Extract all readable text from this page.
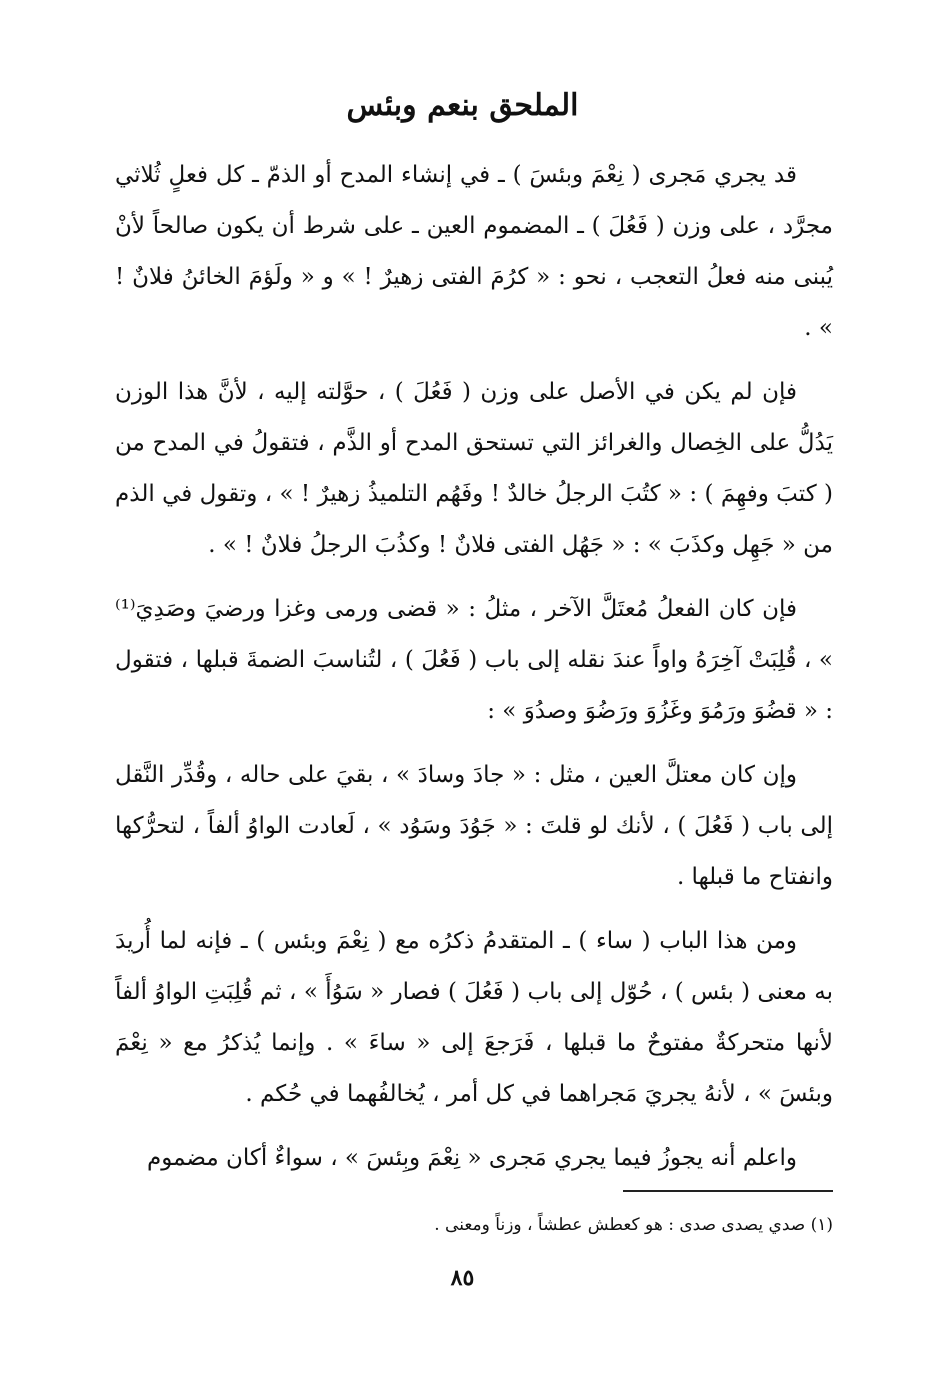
الملحق بنعم وبئس

قد يجري مَجرى ( نِعْمَ وبئسَ ) ـ في إنشاء المدح أو الذمّ ـ كل فعلٍ ثُلاثي مجرَّد ، على وزن ( فَعُلَ ) ـ المضموم العين ـ على شرط أن يكون صالحاً لأنْ يُبنى منه فعلُ التعجب ، نحو : « كرُمَ الفتى زهيرٌ ! » و « ولَؤمَ الخائنُ فلانٌ ! » .

فإن لم يكن في الأصل على وزن ( فَعُلَ ) ، حوَّلته إليه ، لأنَّ هذا الوزن يَدُلُّ على الخِصال والغرائز التي تستحق المدح أو الذَّم ، فتقولُ في المدح من ( كتبَ وفهِمَ ) : « كتُبَ الرجلُ خالدٌ ! وفَهُم التلميذُ زهيرٌ ! » ، وتقول في الذم من « جَهِل وكذَبَ » : « جَهُل الفتى فلانٌ ! وكذُبَ الرجلُ فلانٌ ! » .

فإن كان الفعلُ مُعتَلَّ الآخر ، مثلُ : « قضى ورمى وغزا ورضيَ وصَدِيَ⁽¹⁾ » ، قُلِبَتْ آخِرَهُ واواً عندَ نقله إلى باب ( فَعُلَ ) ، لتُناسبَ الضمةَ قبلها ، فتقول : « قضُوَ ورَمُوَ وغَزُوَ ورَضُوَ وصدُوَ » :

وإن كان معتلَّ العين ، مثل : « جادَ وسادَ » ، بقيَ على حاله ، وقُدِّر النَّقل إلى باب ( فَعُلَ ) ، لأنك لو قلتَ : « جَوُدَ وسَوُد » ، لَعادت الواوُ ألفاً ، لتحرُّكها وانفتاح ما قبلها .

ومن هذا الباب ( ساء ) ـ المتقدمُ ذكرُه مع ( نِعْمَ وبئس ) ـ فإنه لما أُريدَ به معنى ( بئس ) ، حُوّل إلى باب ( فَعُلَ ) فصار « سَوُأَ » ، ثم قُلِبَتِ الواوُ ألفاً لأنها متحركةٌ مفتوحٌ ما قبلها ، فَرَجعَ إلى « ساءَ » . وإنما يُذكرُ مع « نِعْمَ وبئسَ » ، لأنهُ يجريَ مَجراهما في كل أمر ، يُخالفُهما في حُكم .

واعلم أنه يجوزُ فيما يجري مَجرى « نِعْمَ وبِئسَ » ، سواءٌ أكان مضموم

(١) صدي يصدى صدى : هو كعطش عطشاً ، وزناً ومعنى .

٨٥
